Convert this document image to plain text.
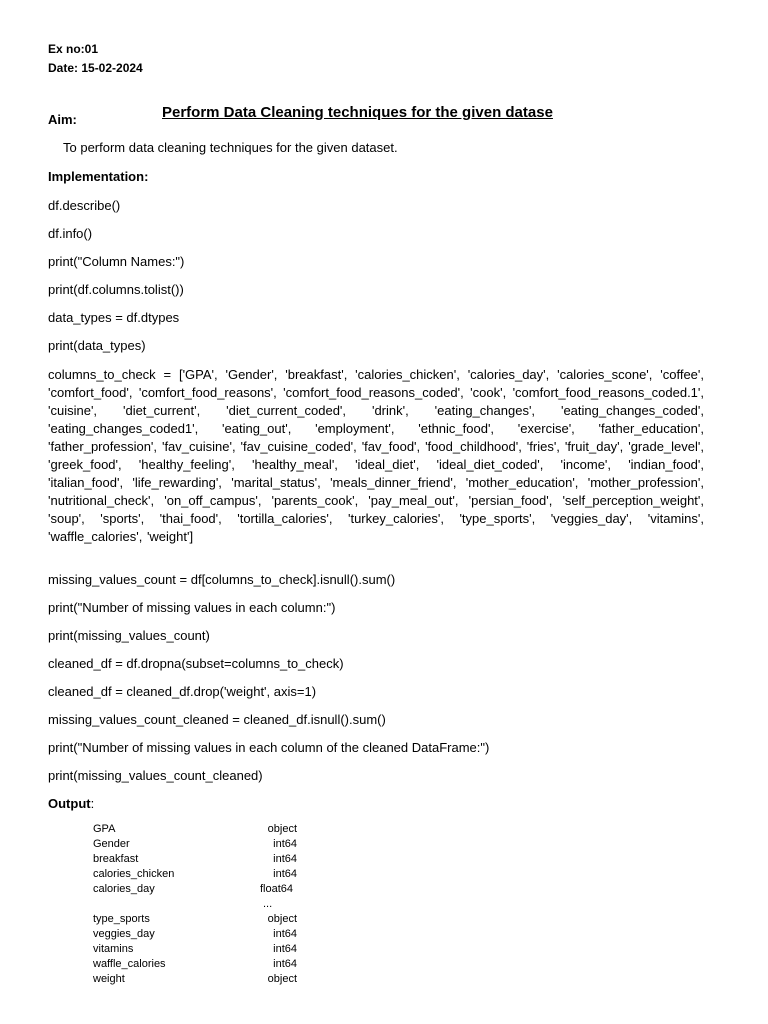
Ex no:01
Date: 15-02-2024
Aim:	Perform Data Cleaning techniques for the given datase
To perform data cleaning techniques for the given dataset.
Implementation:
df.describe()
df.info()
print("Column Names:")
print(df.columns.tolist())
data_types = df.dtypes
print(data_types)
columns_to_check = ['GPA', 'Gender', 'breakfast', 'calories_chicken', 'calories_day', 'calories_scone', 'coffee', 'comfort_food', 'comfort_food_reasons', 'comfort_food_reasons_coded', 'cook', 'comfort_food_reasons_coded.1', 'cuisine', 'diet_current', 'diet_current_coded', 'drink', 'eating_changes', 'eating_changes_coded', 'eating_changes_coded1', 'eating_out', 'employment', 'ethnic_food', 'exercise', 'father_education', 'father_profession', 'fav_cuisine', 'fav_cuisine_coded', 'fav_food', 'food_childhood', 'fries', 'fruit_day', 'grade_level', 'greek_food', 'healthy_feeling', 'healthy_meal', 'ideal_diet', 'ideal_diet_coded', 'income', 'indian_food', 'italian_food', 'life_rewarding', 'marital_status', 'meals_dinner_friend', 'mother_education', 'mother_profession', 'nutritional_check', 'on_off_campus', 'parents_cook', 'pay_meal_out', 'persian_food', 'self_perception_weight', 'soup', 'sports', 'thai_food', 'tortilla_calories', 'turkey_calories', 'type_sports', 'veggies_day', 'vitamins', 'waffle_calories', 'weight']
missing_values_count = df[columns_to_check].isnull().sum()
print("Number of missing values in each column:")
print(missing_values_count)
cleaned_df = df.dropna(subset=columns_to_check)
cleaned_df = cleaned_df.drop('weight', axis=1)
missing_values_count_cleaned = cleaned_df.isnull().sum()
print("Number of missing values in each column of the cleaned DataFrame:")
print(missing_values_count_cleaned)
Output:
GPA	object
Gender	int64
breakfast	int64
calories_chicken	int64
calories_day	float64
...
type_sports	object
veggies_day	int64
vitamins	int64
waffle_calories	int64
weight	object
